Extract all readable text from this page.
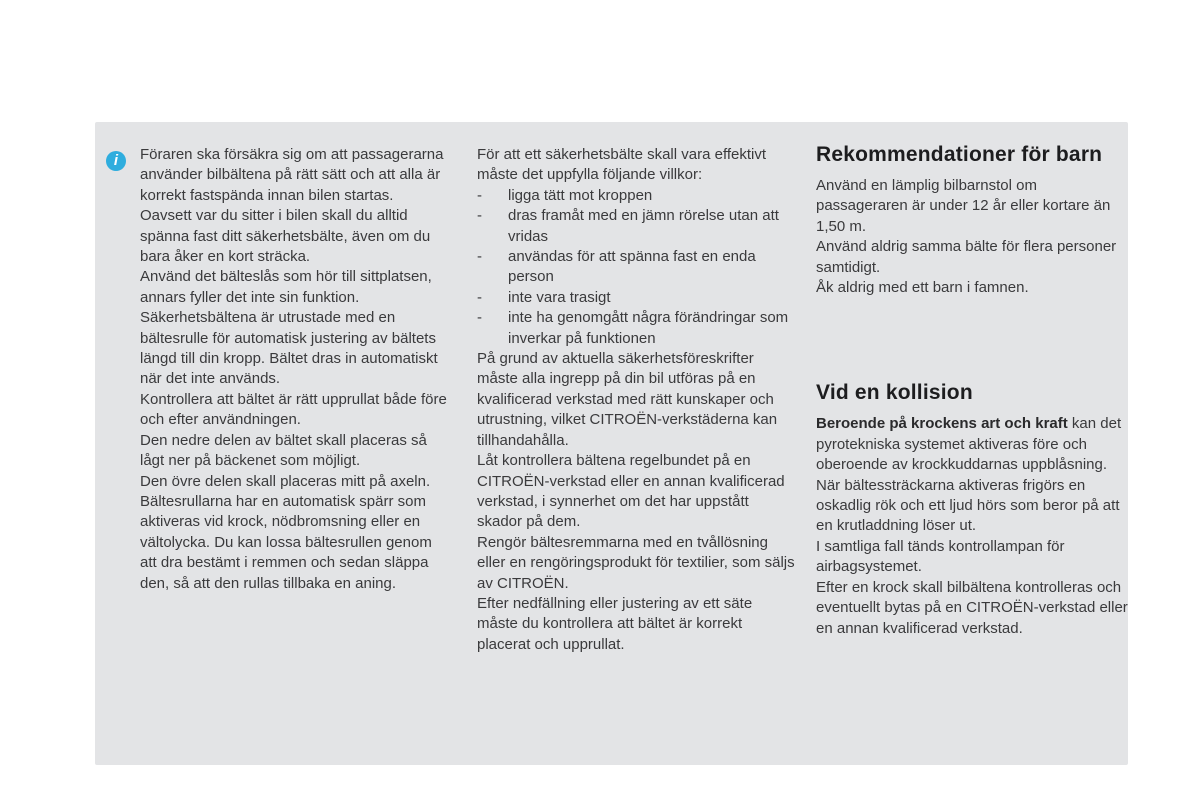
i	Föraren ska försäkra sig om att passagerarna använder bilbältena på rätt sätt och att alla är korrekt fastspända innan bilen startas.

Oavsett var du sitter i bilen skall du alltid spänna fast ditt säkerhetsbälte, även om du bara åker en kort sträcka.

Använd det bälteslås som hör till sittplatsen, annars fyller det inte sin funktion.

Säkerhetsbältena är utrustade med en bältesrulle för automatisk justering av bältets längd till din kropp. Bältet dras in automatiskt när det inte används.

Kontrollera att bältet är rätt upprullat både före och efter användningen.

Den nedre delen av bältet skall placeras så lågt ner på bäckenet som möjligt.

Den övre delen skall placeras mitt på axeln.

Bältesrullarna har en automatisk spärr som aktiveras vid krock, nödbromsning eller en vältolycka. Du kan lossa bältesrullen genom att dra bestämt i remmen och sedan släppa den, så att den rullas tillbaka en aning.

För att ett säkerhetsbälte skall vara effektivt måste det uppfylla följande villkor:

-	ligga tätt mot kroppen
-	dras framåt med en jämn rörelse utan att vridas
-	användas för att spänna fast en enda person
-	inte vara trasigt
-	inte ha genomgått några förändringar som inverkar på funktionen

På grund av aktuella säkerhetsföreskrifter måste alla ingrepp på din bil utföras på en kvalificerad verkstad med rätt kunskaper och utrustning, vilket CITROËN-verkstäderna kan tillhandahålla.

Låt kontrollera bältena regelbundet på en CITROËN-verkstad eller en annan kvalificerad verkstad, i synnerhet om det har uppstått skador på dem.

Rengör bältesremmarna med en tvållösning eller en rengöringsprodukt för textilier, som säljs av CITROËN.

Efter nedfällning eller justering av ett säte måste du kontrollera att bältet är korrekt placerat och upprullat.

Rekommendationer för barn

Använd en lämplig bilbarnstol om passageraren är under 12 år eller kortare än 1,50 m.

Använd aldrig samma bälte för flera personer samtidigt.

Åk aldrig med ett barn i famnen.

Vid en kollision

Beroende på krockens art och kraft kan det pyrotekniska systemet aktiveras före och oberoende av krockkuddarnas uppblåsning.

När bältessträckarna aktiveras frigörs en oskadlig rök och ett ljud hörs som beror på att en krutladdning löser ut.

I samtliga fall tänds kontrollampan för airbagsystemet.

Efter en krock skall bilbältena kontrolleras och eventuellt bytas på en CITROËN-verkstad eller en annan kvalificerad verkstad.
